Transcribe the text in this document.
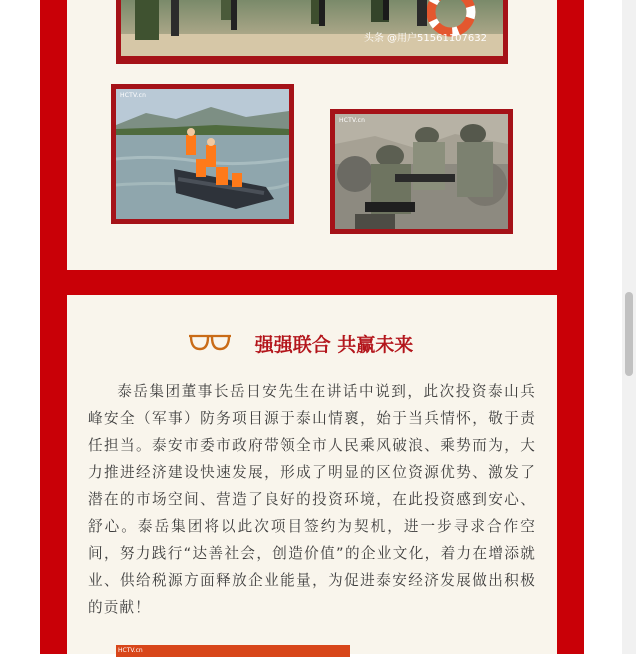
头条 @用户51561107632
HCTV.cn
HCTV.cn
强强联合 共赢未来
泰岳集团董事长岳日安先生在讲话中说到，此次投资泰山兵峰安全（军事）防务项目源于泰山情褱，始于当兵情怀，敬于责任担当。泰安市委市政府带领全市人民乘风破浪、乘势而为，大力推进经济建设快速发展，形成了明显的区位资源优势、激发了潜在的市场空间、营造了良好的投资环境，在此投资感到安心、舒心。泰岳集团将以此次项目签约为契机，进一步寻求合作空间，努力践行“达善社会，创造价值”的企业文化，着力在增添就业、供给税源方面释放企业能量，为促进泰安经济发展做出积极的贡献！
HCTV.cn
